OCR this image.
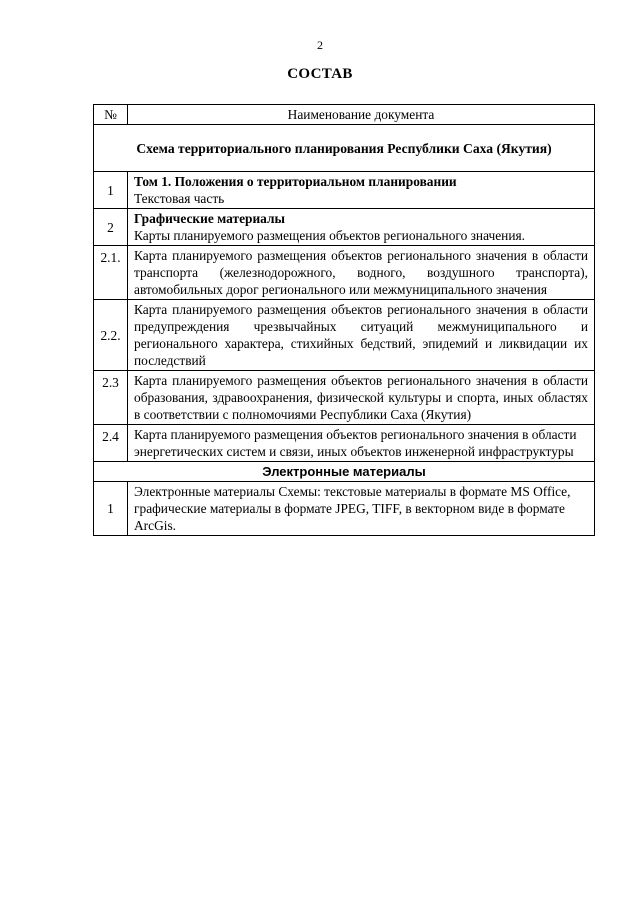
2
СОСТАВ
№	Наименование документа
Схема территориального планирования Республики Саха (Якутия)	
1	Том 1. Положения о территориальном планировании
Текстовая часть

2	Графические материалы
Карты планируемого размещения объектов регионального значения.

2.1.	Карта планируемого размещения объектов регионального значения в области транспорта (железнодорожного, водного, воздушного транспорта), автомобильных дорог регионального или межмуниципального значения
2.2.	Карта планируемого размещения объектов регионального значения в области предупреждения чрезвычайных ситуаций межмуниципального и регионального характера, стихийных бедствий, эпидемий и ликвидации их последствий
2.3	Карта планируемого размещения объектов регионального значения в области образования, здравоохранения, физической культуры и спорта, иных областях в соответствии с полномочиями Республики Саха (Якутия)
2.4	Карта планируемого размещения объектов регионального значения в области энергетических систем и связи, иных объектов инженерной инфраструктуры
Электронные материалы	
1	Электронные материалы Схемы: текстовые материалы в формате MS Office, графические материалы в формате JPEG, TIFF, в векторном виде в формате ArcGis.
